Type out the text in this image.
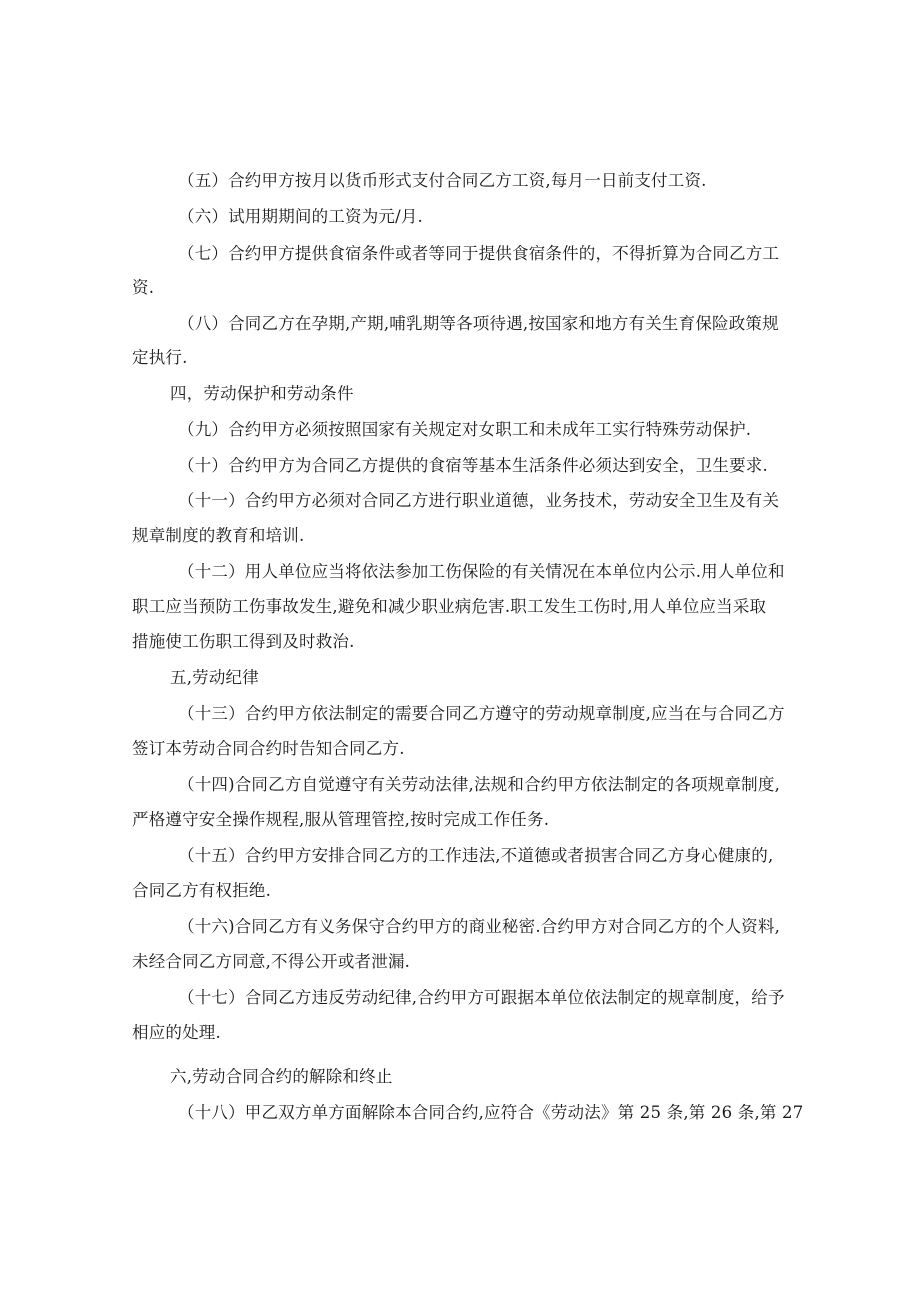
（五）合约甲方按月以货币形式支付合同乙方工资,每月一日前支付工资.
（六）试用期期间的工资为元/月.
（七）合约甲方提供食宿条件或者等同于提供食宿条件的，不得折算为合同乙方工
资.
（八）合同乙方在孕期,产期,哺乳期等各项待遇,按国家和地方有关生育保险政策规
定执行.
四，劳动保护和劳动条件
（九）合约甲方必须按照国家有关规定对女职工和未成年工实行特殊劳动保护.
（十）合约甲方为合同乙方提供的食宿等基本生活条件必须达到安全，卫生要求.
（十一）合约甲方必须对合同乙方进行职业道德，业务技术，劳动安全卫生及有关
规章制度的教育和培训.
（十二）用人单位应当将依法参加工伤保险的有关情况在本单位内公示.用人单位和
职工应当预防工伤事故发生,避免和减少职业病危害.职工发生工伤时,用人单位应当采取
措施使工伤职工得到及时救治.
五,劳动纪律
（十三）合约甲方依法制定的需要合同乙方遵守的劳动规章制度,应当在与合同乙方
签订本劳动合同合约时告知合同乙方.
（十四)合同乙方自觉遵守有关劳动法律,法规和合约甲方依法制定的各项规章制度,
严格遵守安全操作规程,服从管理管控,按时完成工作任务.
（十五）合约甲方安排合同乙方的工作违法,不道德或者损害合同乙方身心健康的,
合同乙方有权拒绝.
（十六)合同乙方有义务保守合约甲方的商业秘密.合约甲方对合同乙方的个人资料,
未经合同乙方同意,不得公开或者泄漏.
（十七）合同乙方违反劳动纪律,合约甲方可跟据本单位依法制定的规章制度，给予
相应的处理.
六,劳动合同合约的解除和终止
（十八）甲乙双方单方面解除本合同合约,应符合《劳动法》第 25 条,第 26 条,第 27
